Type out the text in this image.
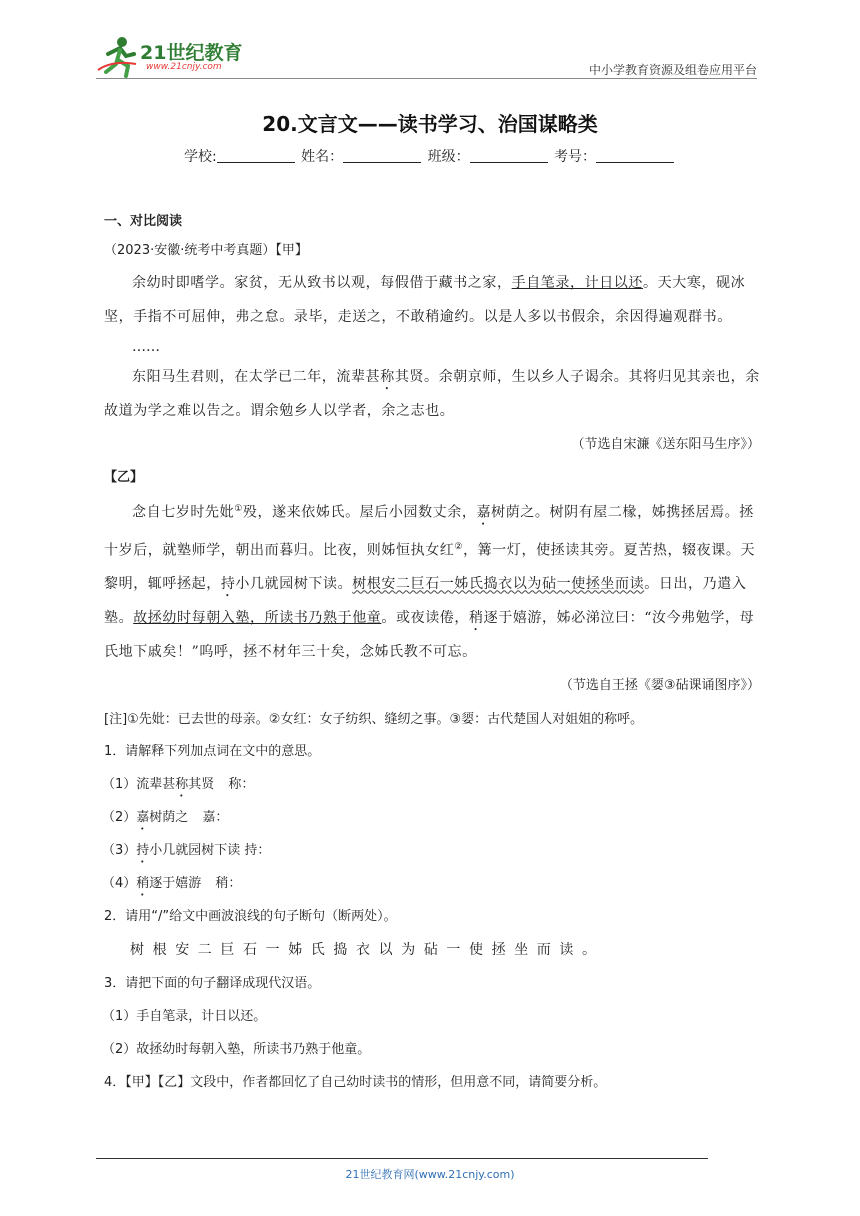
21世纪教育
www.21cnjy.com	中小学教育资源及组卷应用平台
20.文言文——读书学习、治国谋略类
学校:	姓名：	班级：	考号：
一、对比阅读
（2023·安徽·统考中考真题）【甲】

余幼时即嗜学。家贫，无从致书以观，每假借于藏书之家，手自笔录，计日以还。天大寒，砚冰坚，手指不可屈伸，弗之怠。录毕，走送之，不敢稍逾约。以是人多以书假余，余因得遍观群书。

……

东阳马生君则，在太学已二年，流辈甚称其贤。余朝京师，生以乡人子谒余。其将归见其亲也，余故道为学之难以告之。谓余勉乡人以学者，余之志也。

（节选自宋濂《送东阳马生序》）
【乙】

念自七岁时先妣①殁，遂来依姊氏。屋后小园数丈余，嘉树荫之。树阴有屋二椽，姊携拯居焉。拯十岁后，就塾师学，朝出而暮归。比夜，则姊恒执女红②，篝一灯，使拯读其旁。夏苦热，辍夜课。天黎明，辄呼拯起，持小几就园树下读。树根安二巨石一姊氏捣衣以为砧一使拯坐而读。日出，乃遣入塾。故拯幼时每朝入塾，所读书乃熟于他童。或夜读倦，稍逐于嬉游，姊必涕泣曰：“汝今弗勉学，母氏地下戚矣！”呜呼，拯不材年三十矣，念姊氏教不可忘。

（节选自王拯《媭③砧课诵图序》）

[注]①先妣：已去世的母亲。②女红：女子纺织、缝纫之事。③媭：古代楚国人对姐姐的称呼。

1．请解释下列加点词在文中的意思。

（1）流辈甚称其贤 称：

（2）嘉树荫之 嘉：

（3）持小几就园树下读 持：

（4）稍逐于嬉游 稍：

2．请用“/”给文中画波浪线的句子断句（断两处）。

树根安二巨石一姊氏捣衣以为砧一使拯坐而读。

3．请把下面的句子翻译成现代汉语。

（1）手自笔录，计日以还。

（2）故拯幼时每朝入塾，所读书乃熟于他童。

4．【甲】【乙】文段中，作者都回忆了自己幼时读书的情形，但用意不同，请简要分析。

21世纪教育网(www.21cnjy.com)
